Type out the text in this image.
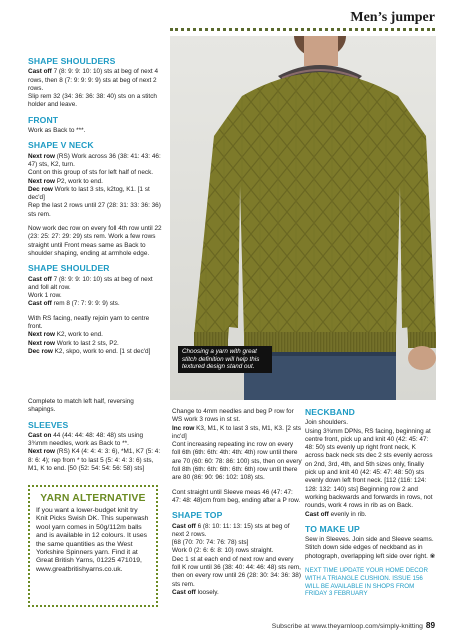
Men’s jumper
SHAPE SHOULDERS

Cast off 7 (8: 9: 9: 10: 10) sts at beg of next 4 rows, then 8 (7: 9: 9: 9: 9) sts at beg of next 2 rows.
Slip rem 32 (34: 36: 36: 38: 40) sts on a stitch holder and leave.

FRONT

Work as Back to ***.

SHAPE V NECK

Next row (RS) Work across 36 (38: 41: 43: 46: 47) sts, K2, turn.
Cont on this group of sts for left half of neck.
Next row P2, work to end.
Dec row Work to last 3 sts, k2tog, K1. [1 st dec'd]
Rep the last 2 rows until 27 (28: 31: 33: 36: 36) sts rem.

Now work dec row on every foll 4th row until 22 (23: 25: 27: 29: 29) sts rem. Work a few rows straight until Front meas same as Back to shoulder shaping, ending at armhole edge.

SHAPE SHOULDER

Cast off 7 (8: 9: 9: 10: 10) sts at beg of next and foll alt row.
Work 1 row.
Cast off rem 8 (7: 7: 9: 9: 9) sts.

With RS facing, neatly rejoin yarn to centre front.
Next row K2, work to end.
Next row Work to last 2 sts, P2.
Dec row K2, skpo, work to end. [1 st dec'd]

Complete to match left half, reversing shapings.

SLEEVES

Cast on 44 (44: 44: 48: 48: 48) sts using 3¾mm needles, work as Back to **.
Next row (RS) K4 (4: 4: 4: 3: 6), *M1, K7 (5: 4: 8: 6: 4); rep from * to last 5 (5: 4: 4: 3: 6) sts, M1, K to end. [50 (52: 54: 54: 56: 58) sts]

YARN ALTERNATIVE
If you want a lower-budget knit try Knit Picks Swish DK. This superwash wool yarn comes in 50g/112m balls and is available in 12 colours. It uses the same quantities as the West Yorkshire Spinners yarn. Find it at Great British Yarns, 01225 471019, www.greatbritishyarns.co.uk.
Choosing a yarn with great stitch definition will help this textured design stand out.

Change to 4mm needles and beg P row for WS work 3 rows in st st.
Inc row K3, M1, K to last 3 sts, M1, K3. [2 sts inc'd]
Cont increasing repeating inc row on every foll 6th (6th: 6th: 4th: 4th: 4th) row until there are 70 (60: 60: 78: 86: 100) sts, then on every foll 8th (6th: 6th: 6th: 6th: 6th) row until there are 80 (86: 90: 96: 102: 108) sts.

Cont straight until Sleeve meas 46 (47: 47: 47: 48: 48)cm from beg, ending after a P row.

SHAPE TOP

Cast off 6 (8: 10: 11: 13: 15) sts at beg of next 2 rows.
[68 (70: 70: 74: 76: 78) sts]
Work 0 (2: 6: 6: 8: 10) rows straight.
Dec 1 st at each end of next row and every foll K row until 36 (38: 40: 44: 46: 48) sts rem, then on every row until 26 (28: 30: 34: 36: 38) sts rem.
Cast off loosely.

NECKBAND

Join shoulders.
Using 3¾mm DPNs, RS facing, beginning at centre front, pick up and knit 40 (42: 45: 47: 48: 50) sts evenly up right front neck, K across back neck sts dec 2 sts evenly across on 2nd, 3rd, 4th, and 5th sizes only, finally pick up and knit 40 (42: 45: 47: 48: 50) sts evenly down left front neck. [112 (116: 124: 128: 132: 140) sts] Beginning row 2 and working backwards and forwards in rows, not rounds, work 4 rows in rib as on Back.
Cast off evenly in rib.

TO MAKE UP

Sew in Sleeves. Join side and Sleeve seams. Stitch down side edges of neckband as in photograph, overlapping left side over right. ❀

NEXT TIME UPDATE YOUR HOME DECOR WITH A TRIANGLE CUSHION. ISSUE 156 WILL BE AVAILABLE IN SHOPS FROM FRIDAY 3 FEBRUARY

Subscribe at www.theyarnloop.com/simply-knitting 89
